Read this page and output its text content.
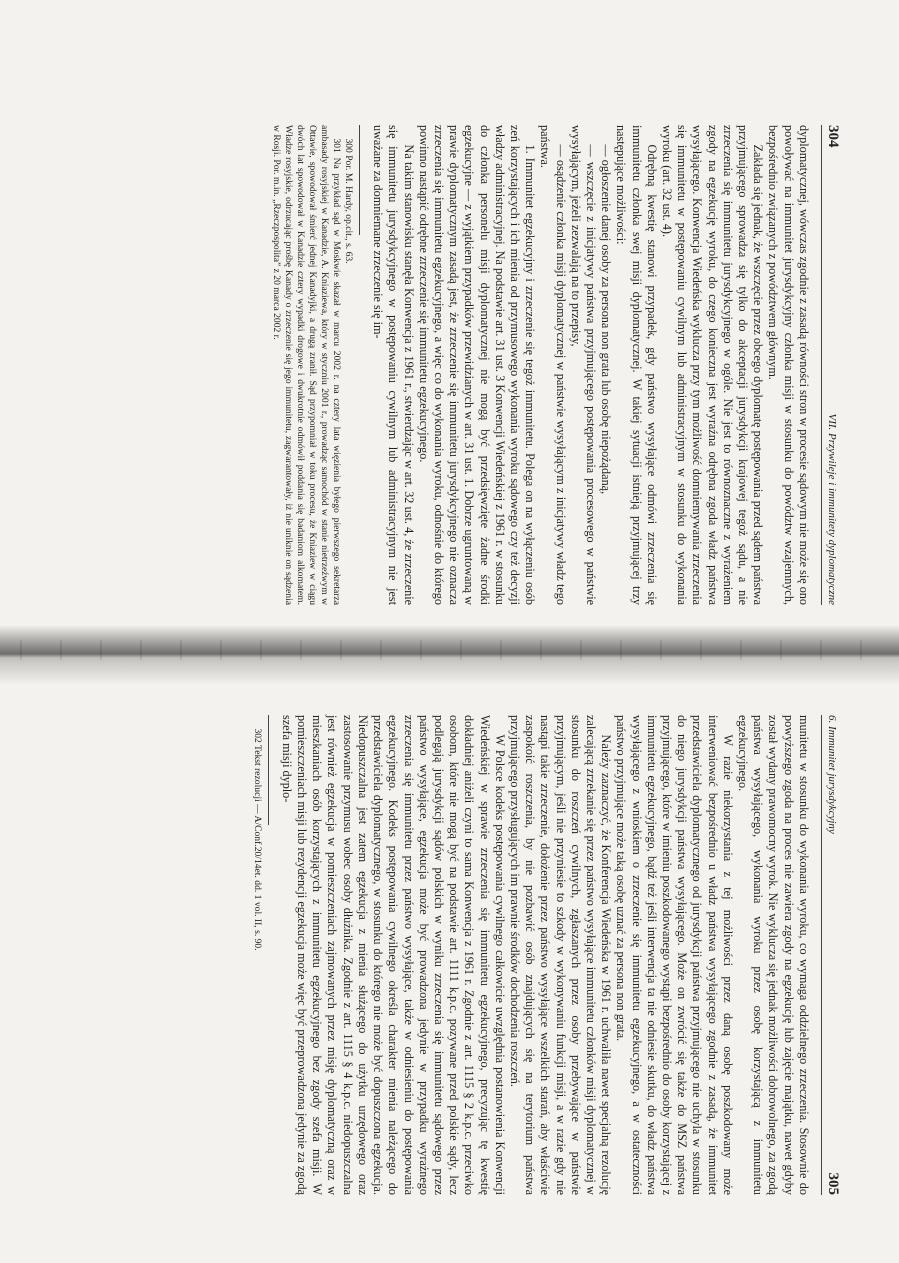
304
VII. Przywileje i immunitety dyplomatyczne

dyplomatycznej, wówczas zgodnie z zasadą równości stron w procesie sądowym nie może się ono powoływać na immunitet jurysdykcyjny członka misji w stosunku do powództw wzajemnych, bezpośrednio związanych z powództwem głównym.

Zakłada się jednak, że wszczęcie przez obcego dyplomatę postępowania przed sądem państwa przyjmującego sprowadza się tylko do akceptacji jurysdykcji krajowej tegoż sądu, a nie zrzeczenia się immunitetu jurysdykcyjnego w ogóle. Nie jest to równoznaczne z wyrażeniem zgody na egzekucję wyroku, do czego konieczna jest wyraźna odrębna zgoda władz państwa wysyłającego. Konwencja Wiedeńska wyklucza przy tym możliwość domniemywania zrzeczenia się immunitetu w postępowaniu cywilnym lub administracyjnym w stosunku do wykonania wyroku (art. 32 ust. 4).

Odrębną kwestię stanowi przypadek, gdy państwo wysyłające odmówi zrzeczenia się immunitetu członka swej misji dyplomatycznej. W takiej sytuacji istnieją przyjmującej trzy następujące możliwości:

— ogłoszenie danej osoby za persona non grata lub osobę niepożądaną,

— wszczęcie z inicjatywy państwa przyjmującego postępowania procesowego w państwie wysyłającym, jeżeli zezwalają na to przepisy,

— osądzenie członka misji dyplomatycznej w państwie wysyłającym z inicjatywy władz tego państwa.

1. Immunitet egzekucyjny i zrzeczenie się tegoż immunitetu. Polega on na wyłączeniu osób zeń korzystających i ich mienia od przymusowego wykonania wyroku sądowego czy też decyzji władzy administracyjnej. Na podstawie art. 31 ust. 3 Konwencji Wiedeńskiej z 1961 r. w stosunku do członka personelu misji dyplomatycznej nie mogą być przedsięwzięte żadne środki egzekucyjne — z wyjątkiem przypadków przewidzianych w art. 31 ust. 1. Dobrze ugruntowaną w prawie dyplomatycznym zasadą jest, że zrzeczenie się immunitetu jurysdykcyjnego nie oznacza zrzeczenia się immunitetu egzekucyjnego, a więc co do wykonania wyroku, odnośnie do którego powinno nastąpić odrębne zrzeczenie się immunitetu egzekucyjnego.

Na takim stanowisku stanęła Konwencja z 1961 r., stwierdzając w art. 32 ust. 4, że zrzeczenie się immunitetu jurysdykcyjnego w postępowaniu cywilnym lub administracyjnym nie jest uważane za domniemane zrzeczenie się im-

300 Por. M. Hardy, op.cit., s. 63.

301 Na przykład sąd w Moskwie skazał w marcu 2002 r. na cztery lata więzienia byłego pierwszego sekretarza ambasady rosyjskiej w Kanadzie, A. Kniaziewa, który w styczniu 2001 r., prowadząc samochód w stanie nietrzeźwym w Ottawie, spowodował śmierć jednej Kanadyjki, a drugą zranił. Sąd przypomniał w toku procesu, że Kniaziew w ciągu dwóch lat spowodował w Kanadzie cztery wypadki drogowe i dwukrotnie odmówił poddania się badaniom alkomatem. Władze rosyjskie, odrzucając prośbę Kanady o zrzeczenie się jego immunitetu, zagwarantowały, iż nie uniknie on sądzenia w Rosji. Por. m.in. „Rzeczpospolita” z 20 marca 2002 r.

6. Immunitet jurysdykcyjny
305

munitetu w stosunku do wykonania wyroku, co wymaga oddzielnego zrzeczenia. Stosownie do powyższego zgoda na proces nie zawiera zgody na egzekucję lub zajęcie majątku, nawet gdyby został wydany prawomocny wyrok. Nie wyklucza się jednak możliwości dobrowolnego, za zgodą państwa wysyłającego, wykonania wyroku przez osobę korzystającą z immunitetu egzekucyjnego.

W razie niekorzystania z tej możliwości przez daną osobę poszkodowany może interweniować bezpośrednio u władz państwa wysyłającego zgodnie z zasadą, że immunitet przedstawiciela dyplomatycznego od jurysdykcji państwa przyjmującego nie uchyla w stosunku do niego jurysdykcji państwa wysyłającego. Może on zwrócić się także do MSZ państwa przyjmującego, które w imieniu poszkodowanego wystąpi bezpośrednio do osoby korzystającej z immunitetu egzekucyjnego, bądź też jeśli interwencja ta nie odniesie skutku, do władz państwa wysyłającego z wnioskiem o zrzeczenie się immunitetu egzekucyjnego, a w ostateczności państwo przyjmujące może taką osobę uznać za persona non grata.

Należy zaznaczyć, że Konferencja Wiedeńska w 1961 r. uchwaliła nawet specjalną rezolucję zalecającą zrzekanie się przez państwo wysyłające immunitetu członków misji dyplomatycznej w stosunku do roszczeń cywilnych, zgłaszanych przez osoby przebywające w państwie przyjmującym, jeśli nie przyniesie to szkody w wykonywaniu funkcji misji, a w razie gdy nie nastąpi takie zrzeczenie, dołożenie przez państwo wysyłające wszelkich starań, aby właściwie zaspokoić roszczenia, by nie pozbawić osób znajdujących się na terytorium państwa przyjmującego przysługujących im prawnie środków dochodzenia roszczeń.

W Polsce kodeks postępowania cywilnego całkowicie uwzględnia postanowienia Konwencji Wiedeńskiej w sprawie zrzeczenia się immunitetu egzekucyjnego, precyzując tę kwestię dokładniej aniżeli czyni to sama Konwencja z 1961 r. Zgodnie z art. 1115 § 2 k.p.c. przeciwko osobom, które nie mogą być na podstawie art. 1111 k.p.c. pozywane przed polskie sądy, lecz podlegają jurysdykcji sądów polskich w wyniku zrzeczenia się immunitetu sądowego przez państwo wysyłające, egzekucja może być prowadzona jedynie w przypadku wyrażnego zrzeczenia się immunitetu przez państwo wysyłające, także w odniesieniu do postępowania egzekucyjnego. Kodeks postępowania cywilnego określa charakter mienia należącego do przedstawiciela dyplomatycznego, w stosunku do którego nie może być dopuszczona egzekucja. Niedopuszczalna jest zatem egzekucja z mienia służącego do użytku urzędowego oraz zastosowanie przymusu wobec osoby dłużnika. Zgodnie z art. 1115 § 4 k.p.c. niedopuszczalna jest również egzekucja w pomieszczeniach zajmowanych przez misję dyplomatyczną oraz w mieszkaniach osób korzystających z immunitetu egzekucyjnego bez zgody szefa misji. W pomieszczeniach misji lub rezydencji egzekucja może więc być przeprowadzona jedynie za zgodą szefa misji dyplo-

302 Tekst rezolucji — A/Conf.20/14et. dd. 1 vol. II, s. 90.
